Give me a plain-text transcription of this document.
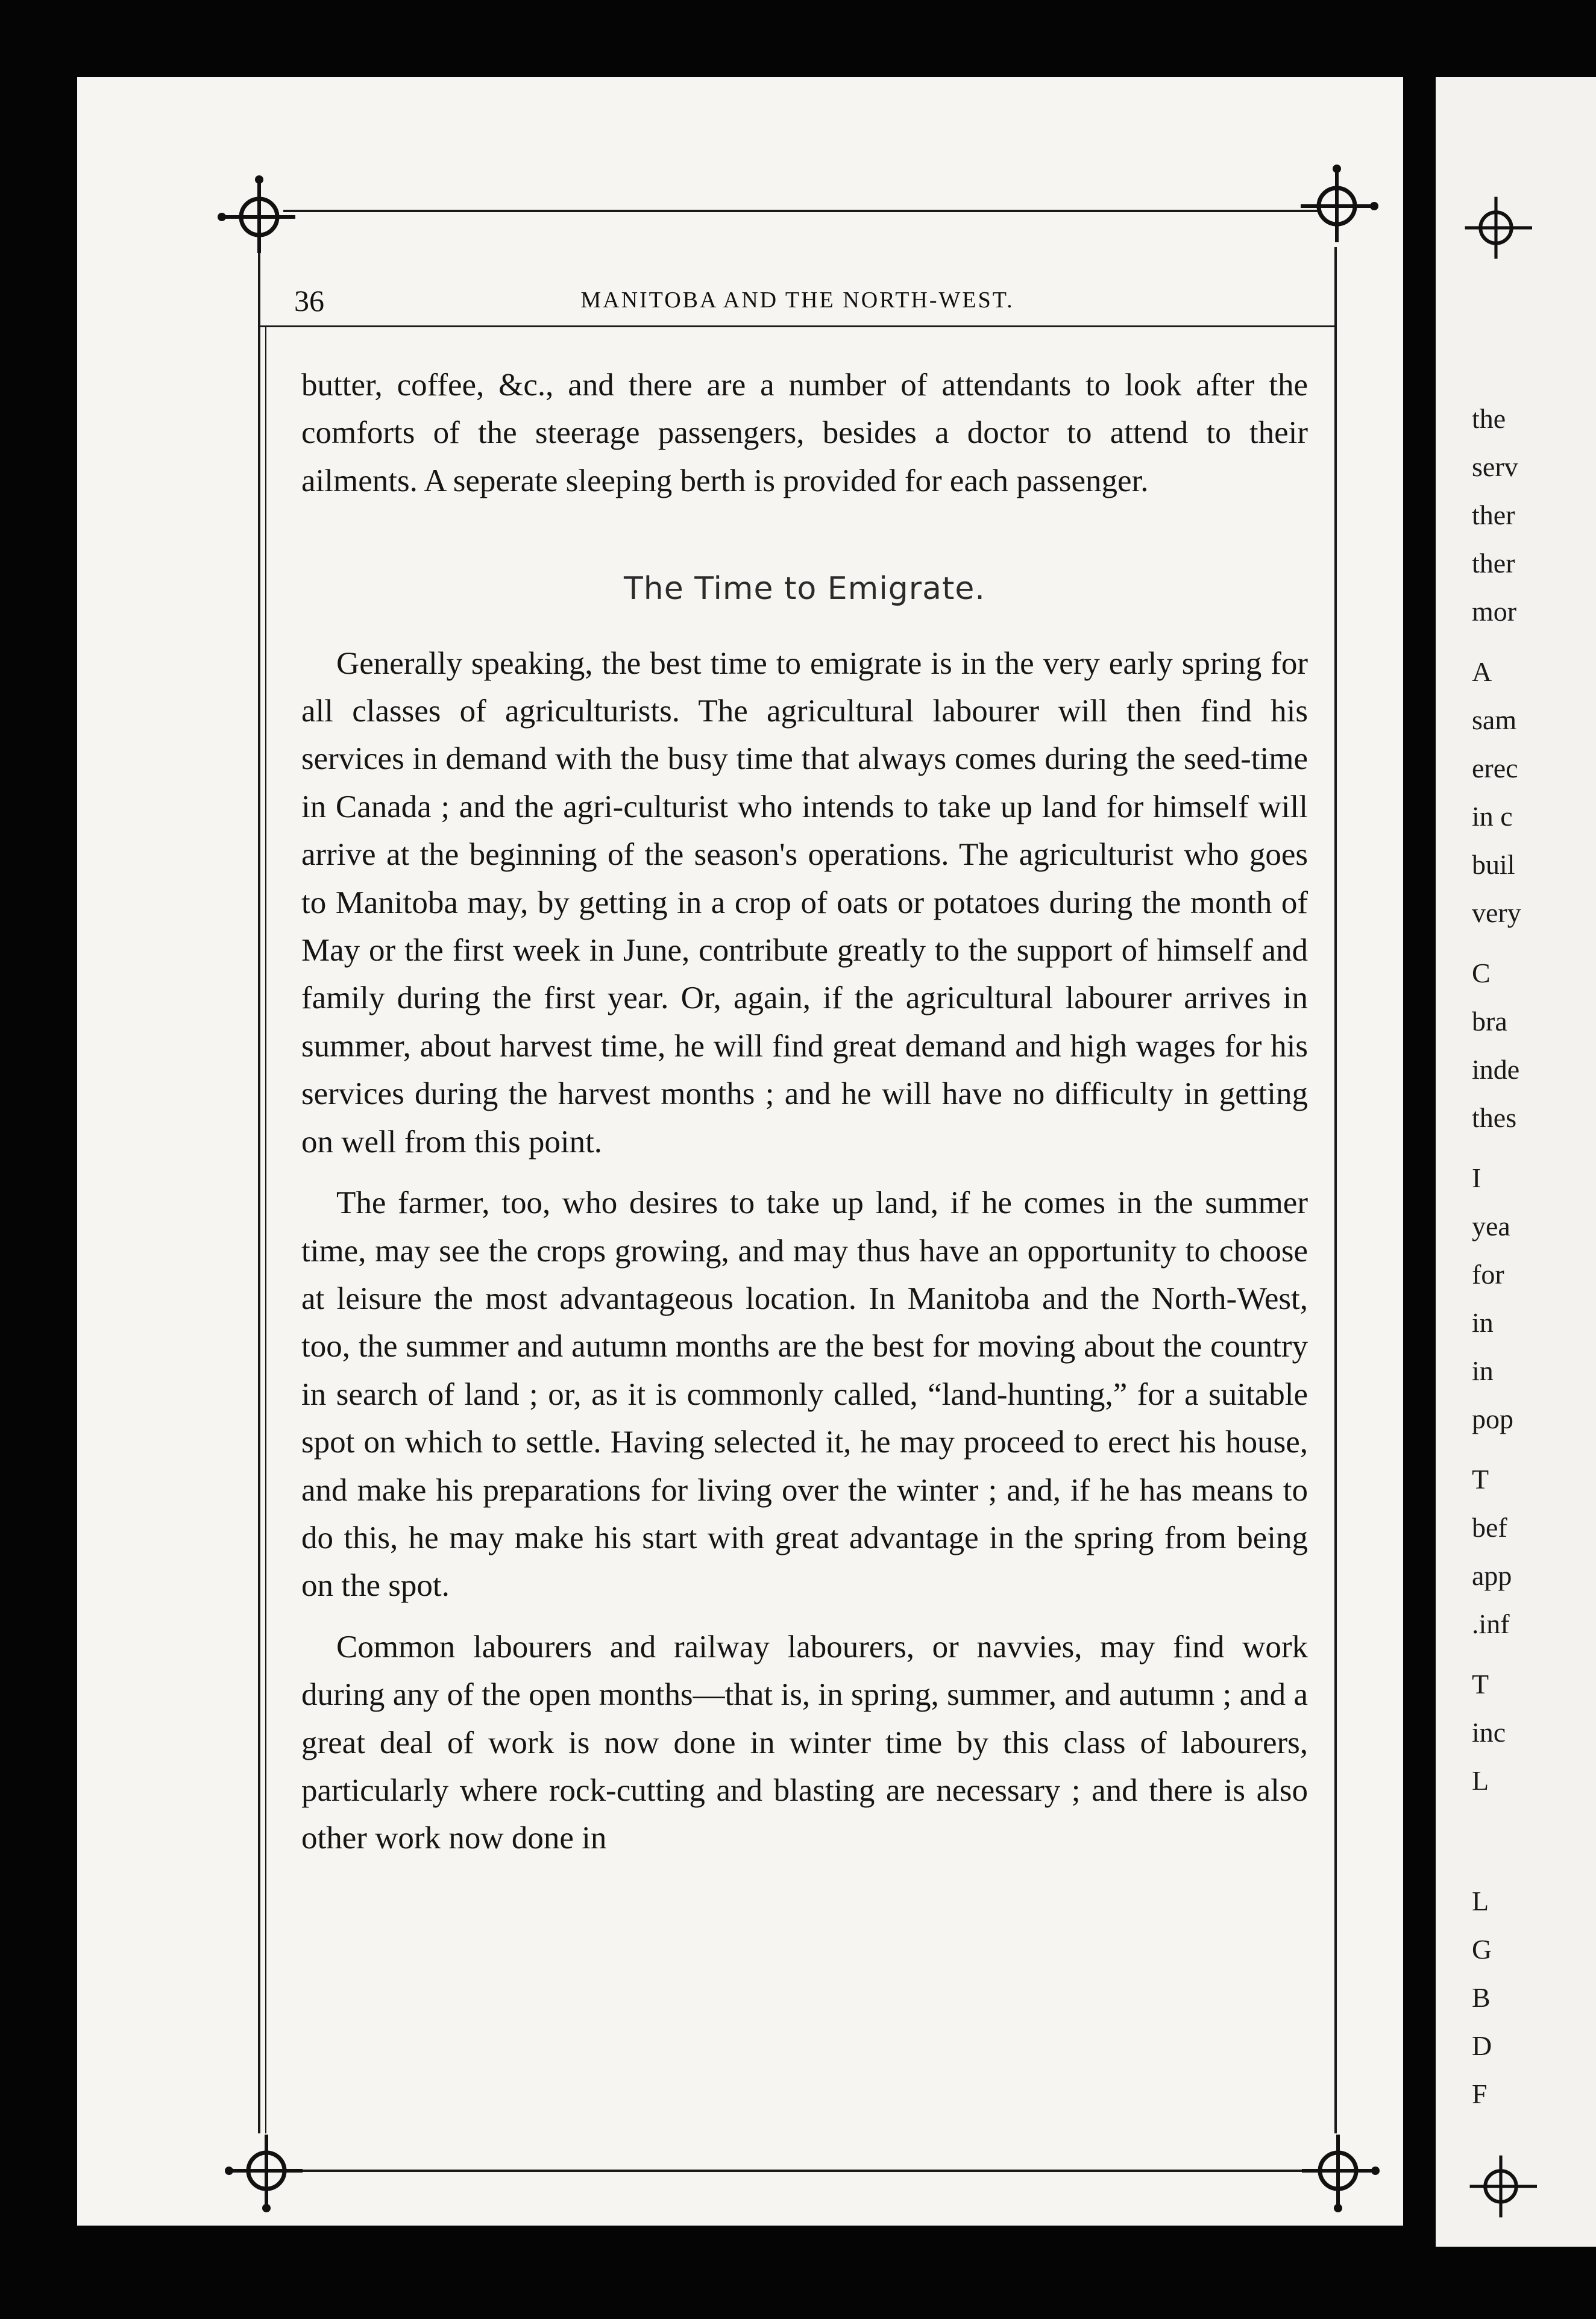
36	MANITOBA AND THE NORTH-WEST.

butter, coffee, &c., and there are a number of attendants to look after the comforts of the steerage passengers, besides a doctor to attend to their ailments. A seperate sleeping berth is provided for each passenger.

The Time to Emigrate.

Generally speaking, the best time to emigrate is in the very early spring for all classes of agriculturists. The agricultural labourer will then find his services in demand with the busy time that always comes during the seed-time in Canada ; and the agri-culturist who intends to take up land for himself will arrive at the beginning of the season's operations. The agriculturist who goes to Manitoba may, by getting in a crop of oats or potatoes during the month of May or the first week in June, contribute greatly to the support of himself and family during the first year. Or, again, if the agricultural labourer arrives in summer, about harvest time, he will find great demand and high wages for his services during the harvest months ; and he will have no difficulty in getting on well from this point.

The farmer, too, who desires to take up land, if he comes in the summer time, may see the crops growing, and may thus have an opportunity to choose at leisure the most advantageous location. In Manitoba and the North-West, too, the summer and autumn months are the best for moving about the country in search of land ; or, as it is commonly called, “land-hunting,” for a suitable spot on which to settle. Having selected it, he may proceed to erect his house, and make his preparations for living over the winter ; and, if he has means to do this, he may make his start with great advantage in the spring from being on the spot.

Common labourers and railway labourers, or navvies, may find work during any of the open months—that is, in spring, summer, and autumn ; and a great deal of work is now done in winter time by this class of labourers, particularly where rock-cutting and blasting are necessary ; and there is also other work now done in

the
serv
ther
ther
mor
A
sam
erec
in c
buil
very
C
bra
inde
thes
I
yea
for
in
in
pop
T
bef
app
.inf
T
inc
L
L
G
B
D
F
